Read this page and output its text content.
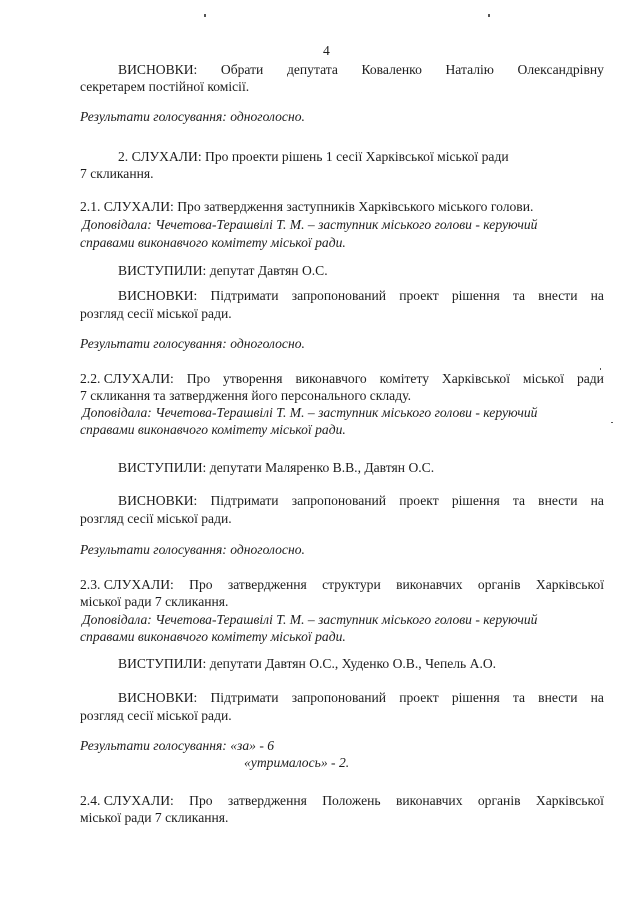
4
ВИСНОВКИ: Обрати депутата Коваленко Наталію Олександрівну
секретарем постійної комісії.
Результати голосування: одноголосно.
2. СЛУХАЛИ: Про проекти рішень 1 сесії Харківської міської ради
7 скликання.
2.1. СЛУХАЛИ: Про затвердження заступників Харківського міського голови.
Доповідала: Чечетова-Терашвілі Т. М. – заступник міського голови - керуючий
справами виконавчого комітету міської ради.
ВИСТУПИЛИ: депутат Давтян О.С.
ВИСНОВКИ: Підтримати запропонований проект рішення та внести на
розгляд сесії міської ради.
Результати голосування: одноголосно.
2.2. СЛУХАЛИ: Про утворення виконавчого комітету Харківської міської ради
7 скликання та затвердження його персонального складу.
Доповідала: Чечетова-Терашвілі Т. М. – заступник міського голови - керуючий
справами виконавчого комітету міської ради.
ВИСТУПИЛИ: депутати Маляренко В.В., Давтян О.С.
ВИСНОВКИ: Підтримати запропонований проект рішення та внести на
розгляд сесії міської ради.
Результати голосування: одноголосно.
2.3. СЛУХАЛИ: Про затвердження структури виконавчих органів Харківської
міської ради 7 скликання.
Доповідала: Чечетова-Терашвілі Т. М. – заступник міського голови - керуючий
справами виконавчого комітету міської ради.
ВИСТУПИЛИ: депутати Давтян О.С., Худенко О.В., Чепель А.О.
ВИСНОВКИ: Підтримати запропонований проект рішення та внести на
розгляд сесії міської ради.
Результати голосування: «за» - 6
«утрималось» - 2.
2.4. СЛУХАЛИ: Про затвердження Положень виконавчих органів Харківської
міської ради 7 скликання.
